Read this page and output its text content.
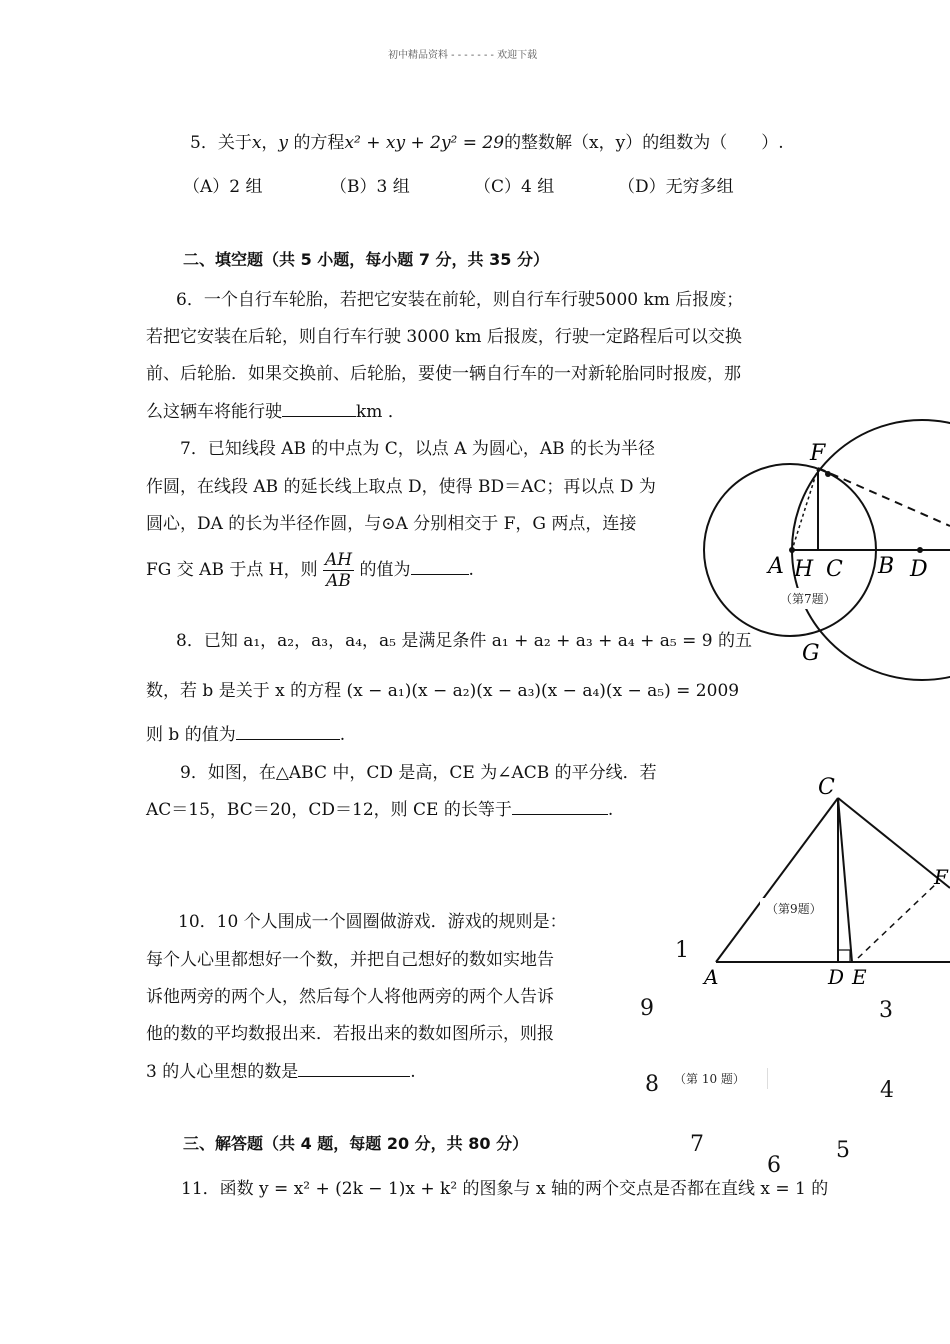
初中精品资料 - - - - - - - 欢迎下载
5．关于x，y 的方程x² + xy + 2y² = 29的整数解（x，y）的组数为（　　）.
（A）2 组	（B）3 组	（C）4 组	（D）无穷多组
二、填空题（共 5 小题，每小题 7 分，共 35 分）
6．一个自行车轮胎，若把它安装在前轮，则自行车行驶5000 km 后报废；
若把它安装在后轮，则自行车行驶 3000 km 后报废，行驶一定路程后可以交换
前、后轮胎．如果交换前、后轮胎，要使一辆自行车的一对新轮胎同时报废，那
么这辆车将能行驶	km ．
7．已知线段 AB 的中点为 C，以点 A 为圆心，AB 的长为半径
作圆，在线段 AB 的延长线上取点 D，使得 BD＝AC；再以点 D 为
圆心，DA 的长为半径作圆，与⊙A 分别相交于 F，G 两点，连接
FG 交 AB 于点 H，则 $\frac{AH}{AB}$ 的值为	.
F
A H C B D
G
（第7题）
8．已知 a₁，a₂，a₃，a₄，a₅ 是满足条件 a₁ + a₂ + a₃ + a₄ + a₅ = 9 的五
数，若 b 是关于 x 的方程 (x − a₁)(x − a₂)(x − a₃)(x − a₄)(x − a₅) = 2009
则 b 的值为	.
9．如图，在△ABC 中，CD 是高，CE 为∠ACB 的平分线．若
AC＝15，BC＝20，CD＝12，则 CE 的长等于	.
C
A	D E
F
（第9题）
10．10 个人围成一个圆圈做游戏．游戏的规则是：
每个人心里都想好一个数，并把自己想好的数如实地告
诉他两旁的两个人，然后每个人将他两旁的两个人告诉
他的数的平均数报出来．若报出来的数如图所示，则报
3 的人心里想的数是	.
1
9	3
8	4
7	5
6
（第 10 题）
三、解答题（共 4 题，每题 20 分，共 80 分）
11．函数 y = x² + (2k − 1)x + k² 的图象与 x 轴的两个交点是否都在直线 x = 1 的
